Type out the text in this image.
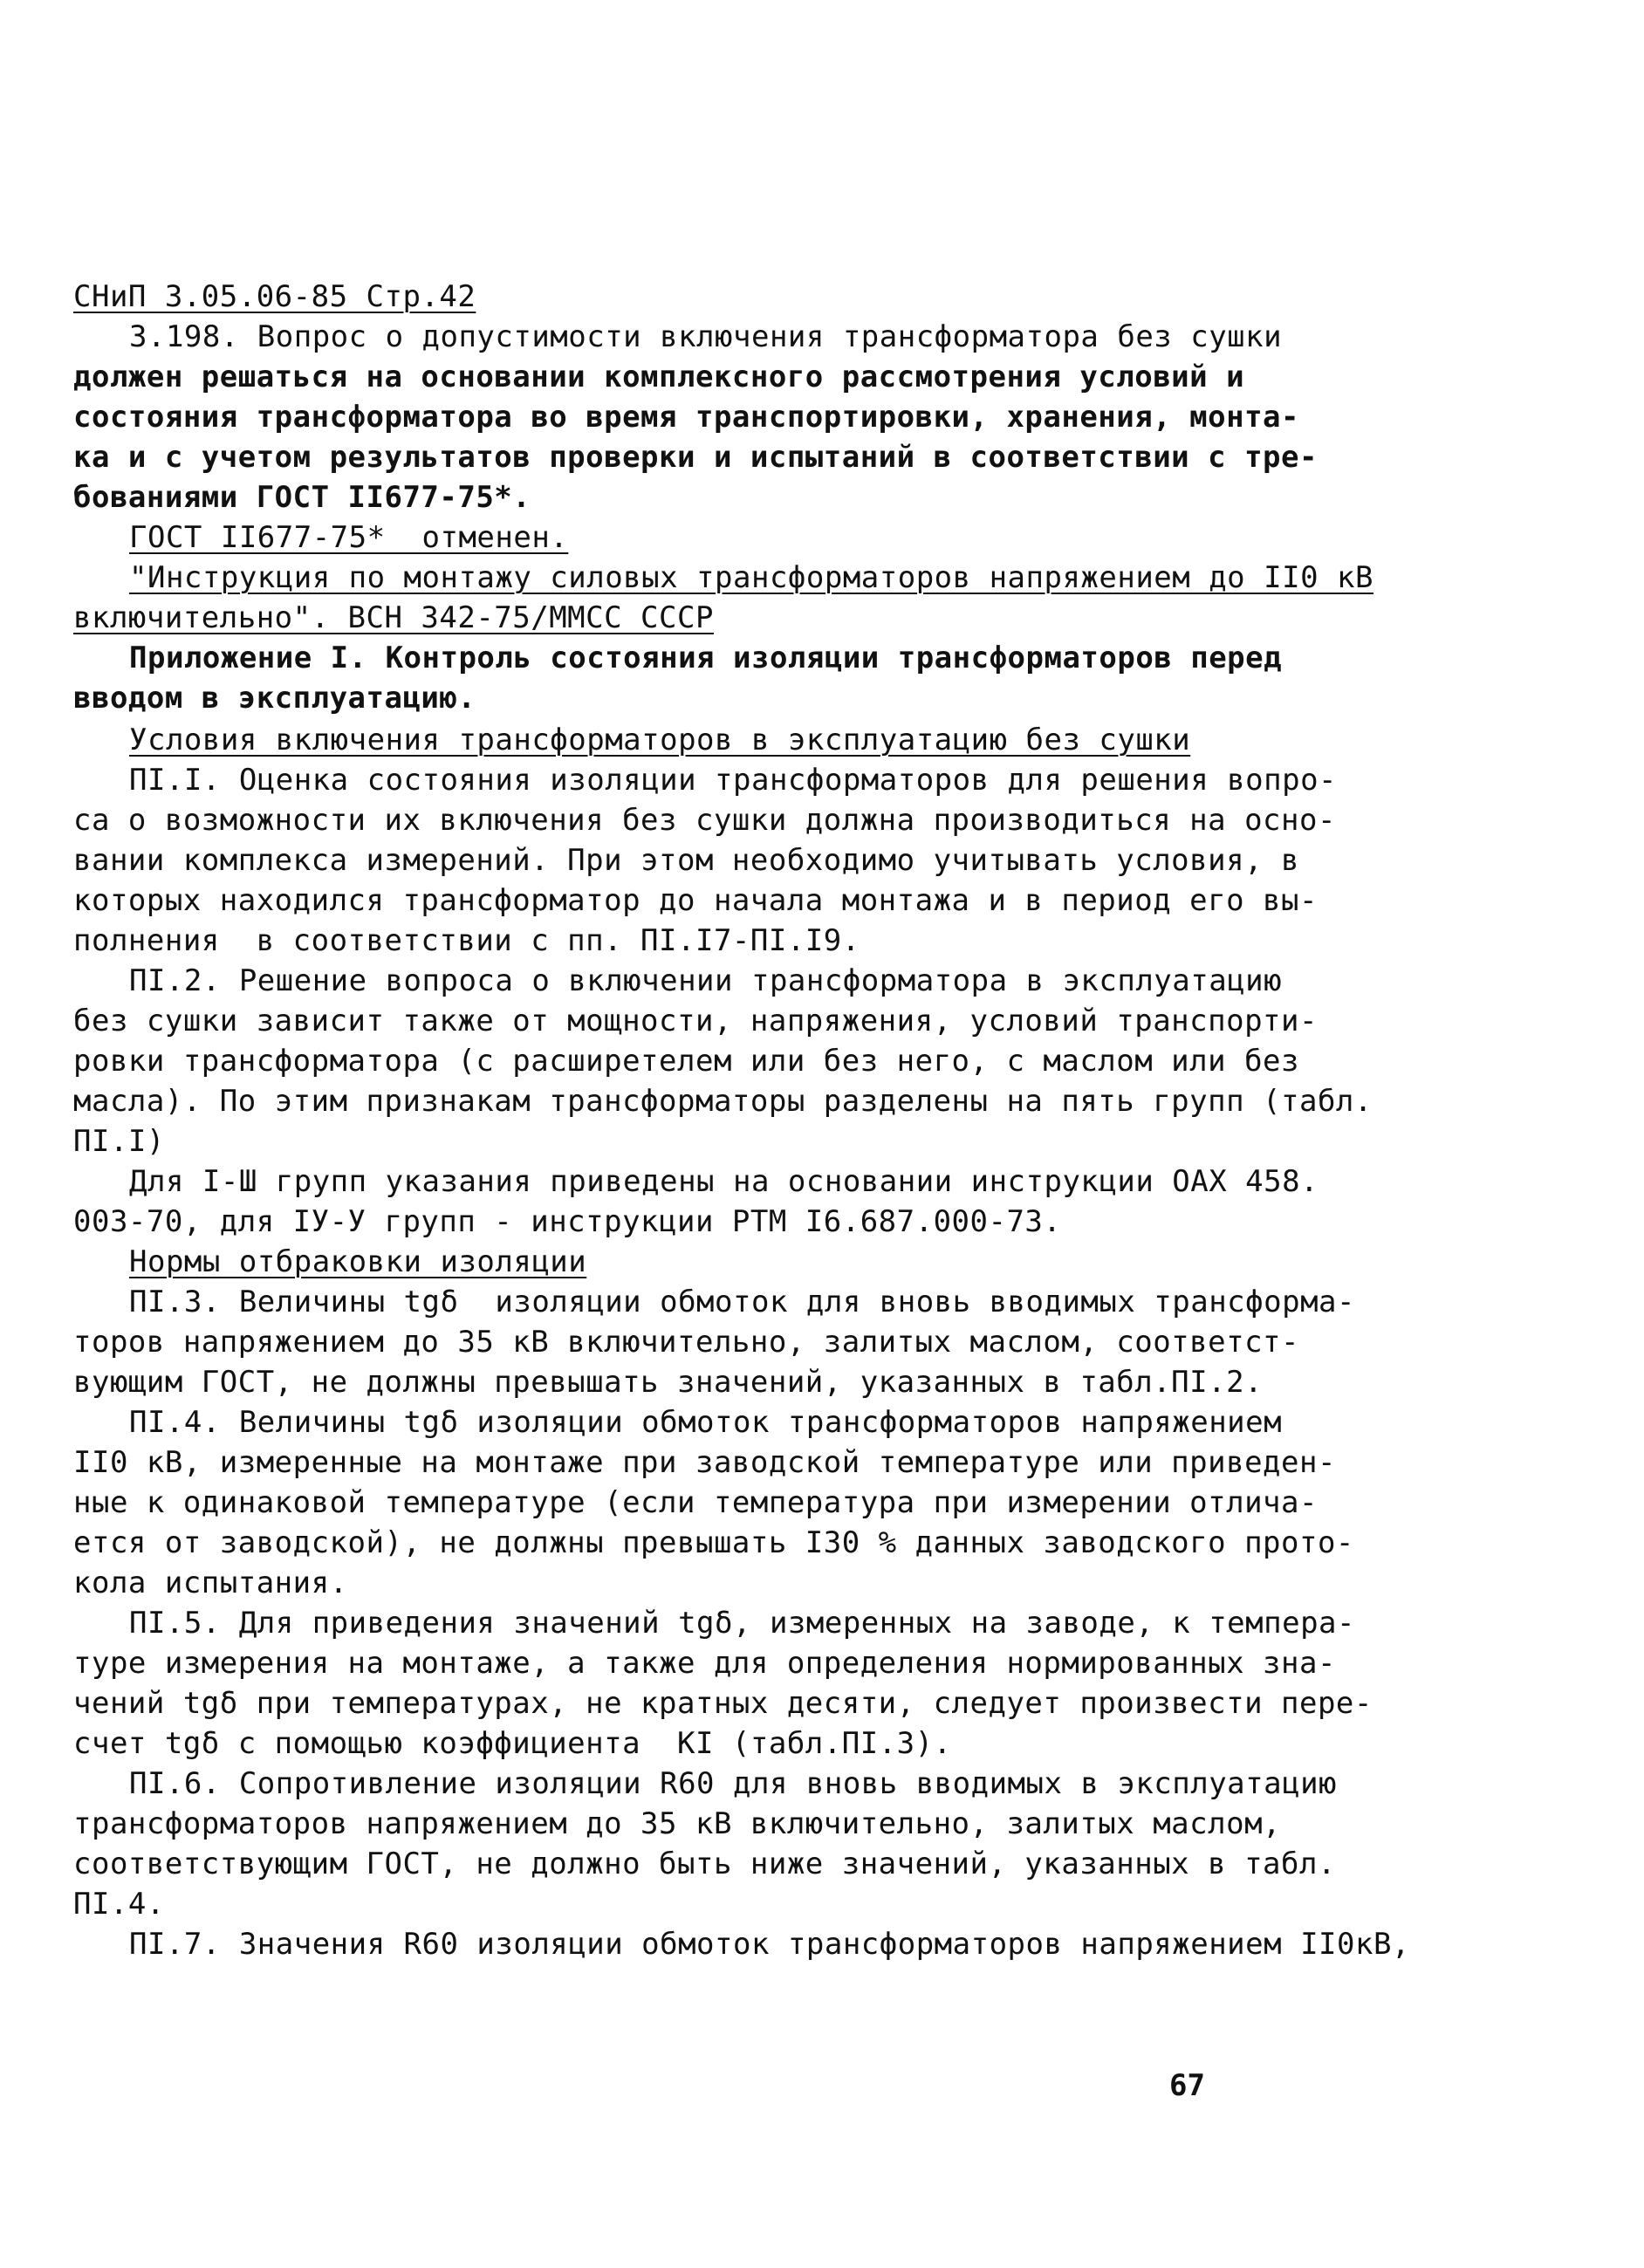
СНиП 3.05.06-85 Стр.42
3.198. Вопрос о допустимости включения трансформатора без сушки
должен решаться на основании комплексного рассмотрения условий и
состояния трансформатора во время транспортировки, хранения, монта-
ка и с учетом результатов проверки и испытаний в соответствии с тре-
бованиями ГОСТ II677-75*.
ГОСТ II677-75*  отменен.
"Инструкция по монтажу силовых трансформаторов напряжением до II0 кВ
включительно". ВСН 342-75/ММСС СССР
Приложение I. Контроль состояния изоляции трансформаторов перед
вводом в эксплуатацию.
Условия включения трансформаторов в эксплуатацию без сушки
ПI.I. Оценка состояния изоляции трансформаторов для решения вопро-
са о возможности их включения без сушки должна производиться на осно-
вании комплекса измерений. При этом необходимо учитывать условия, в
которых находился трансформатор до начала монтажа и в период его вы-
полнения  в соответствии с пп. ПI.I7-ПI.I9.
ПI.2. Решение вопроса о включении трансформатора в эксплуатацию
без сушки зависит также от мощности, напряжения, условий транспорти-
ровки трансформатора (с расширетелем или без него, с маслом или без
масла). По этим признакам трансформаторы разделены на пять групп (табл.
ПI.I)
Для I-Ш групп указания приведены на основании инструкции ОАХ 458.
003-70, для IУ-У групп - инструкции РТМ I6.687.000-73.
Нормы отбраковки изоляции
ПI.3. Величины tgδ  изоляции обмоток для вновь вводимых трансформа-
торов напряжением до 35 кВ включительно, залитых маслом, соответст-
вующим ГОСТ, не должны превышать значений, указанных в табл.ПI.2.
ПI.4. Величины tgδ изоляции обмоток трансформаторов напряжением
II0 кВ, измеренные на монтаже при заводской температуре или приведен-
ные к одинаковой температуре (если температура при измерении отлича-
ется от заводской), не должны превышать I30 % данных заводского прото-
кола испытания.
ПI.5. Для приведения значений tgδ, измеренных на заводе, к темпера-
туре измерения на монтаже, а также для определения нормированных зна-
чений tgδ при температурах, не кратных десяти, следует произвести пере-
счет tgδ с помощью коэффициента  КI (табл.ПI.3).
ПI.6. Сопротивление изоляции R60 для вновь вводимых в эксплуатацию
трансформаторов напряжением до 35 кВ включительно, залитых маслом,
соответствующим ГОСТ, не должно быть ниже значений, указанных в табл.
ПI.4.
ПI.7. Значения R60 изоляции обмоток трансформаторов напряжением II0кВ,
67
